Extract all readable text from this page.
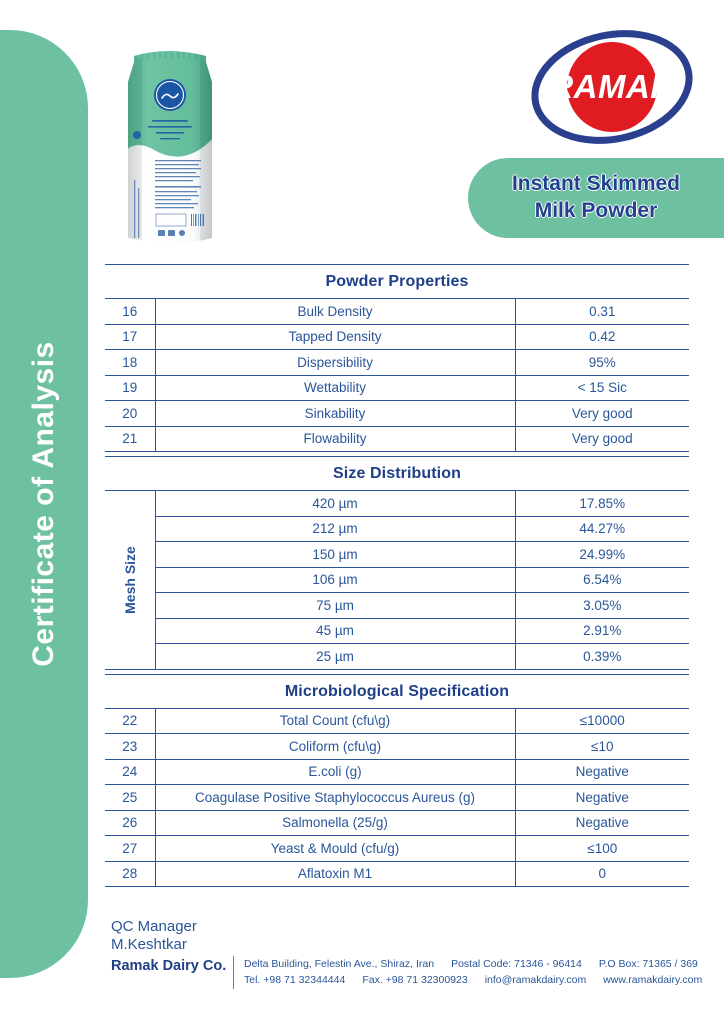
Certificate of Analysis
RAMAK
Instant Skimmed
Milk Powder
Powder Properties
16	Bulk Density	0.31
17	Tapped Density	0.42
18	Dispersibility	95%
19	Wettability	< 15 Sic
20	Sinkability	Very good
21	Flowability	Very good
Size Distribution
Mesh Size	420 µm	17.85%
	212 µm	44.27%
	150 µm	24.99%
	106 µm	6.54%
	75 µm	3.05%
	45 µm	2.91%
	25 µm	0.39%
Microbiological Specification
22	Total Count (cfu\g)	≤10000
23	Coliform (cfu\g)	≤10
24	E.coli (g)	Negative
25	Coagulase Positive Staphylococcus Aureus (g)	Negative
26	Salmonella (25/g)	Negative
27	Yeast & Mould (cfu/g)	≤100
28	Aflatoxin M1	0
QC Manager
M.Keshtkar
Ramak Dairy Co. Delta Building, Felestin Ave., Shiraz, Iran Postal Code: 71346 - 96414 P.O Box: 71365 / 369
Tel. +98 71 32344444 Fax. +98 71 32300923 info@ramakdairy.com www.ramakdairy.com
